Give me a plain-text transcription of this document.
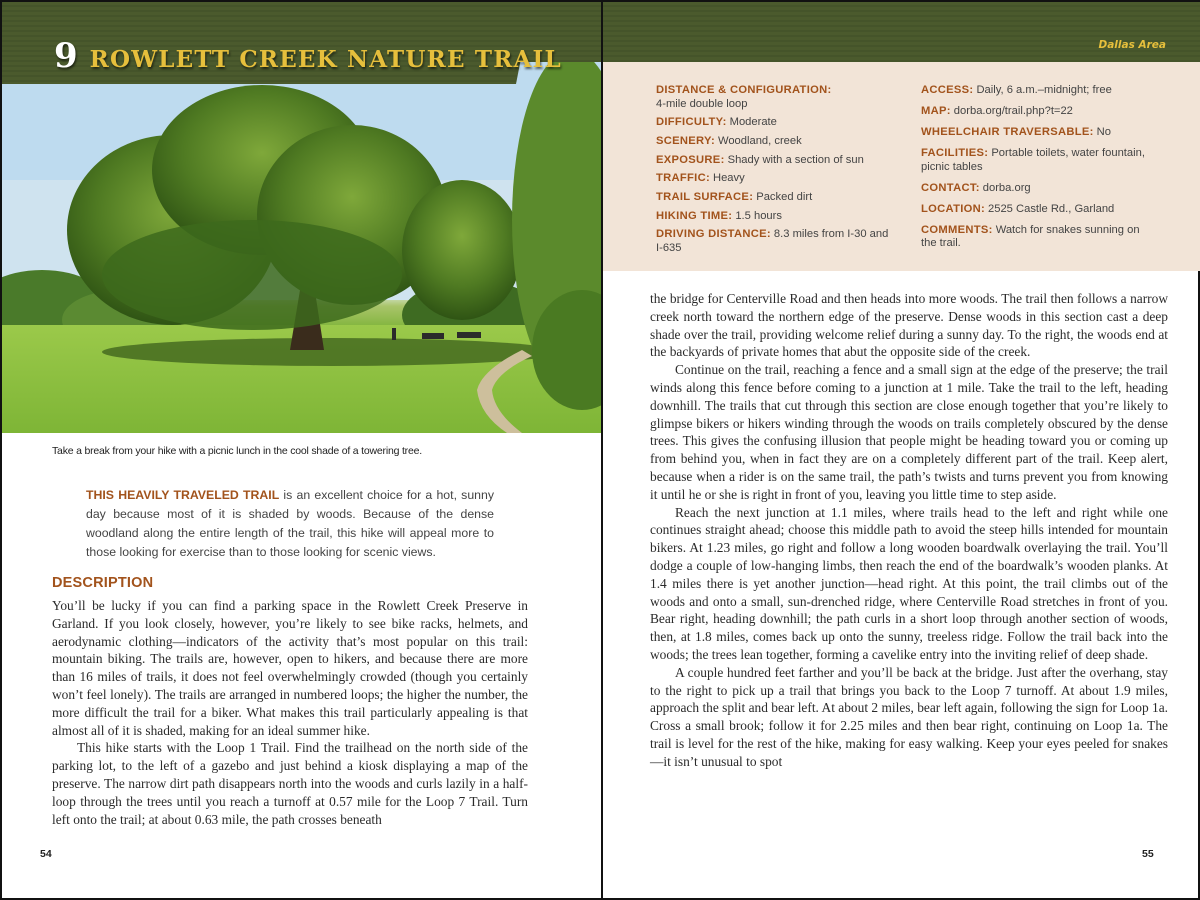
9 ROWLETT CREEK NATURE TRAIL
Take a break from your hike with a picnic lunch in the cool shade of a towering tree.
THIS HEAVILY TRAVELED TRAIL is an excellent choice for a hot, sunny day because most of it is shaded by woods. Because of the dense woodland along the entire length of the trail, this hike will appeal more to those looking for exercise than to those looking for scenic views.
DESCRIPTION

You’ll be lucky if you can find a parking space in the Rowlett Creek Preserve in Garland. If you look closely, however, you’re likely to see bike racks, helmets, and aerodynamic clothing—indicators of the activity that’s most popular on this trail: mountain biking. The trails are, however, open to hikers, and because there are more than 16 miles of trails, it does not feel overwhelmingly crowded (though you certainly won’t feel lonely). The trails are arranged in numbered loops; the higher the number, the more difficult the trail for a biker. What makes this trail particularly appealing is that almost all of it is shaded, making for an ideal summer hike.

This hike starts with the Loop 1 Trail. Find the trailhead on the north side of the parking lot, to the left of a gazebo and just behind a kiosk displaying a map of the preserve. The narrow dirt path disappears north into the woods and curls lazily in a half-loop through the trees until you reach a turnoff at 0.57 mile for the Loop 7 Trail. Turn left onto the trail; at about 0.63 mile, the path crosses beneath

54
Dallas Area
DISTANCE & CONFIGURATION:
4-mile double loop
DIFFICULTY: Moderate
SCENERY: Woodland, creek
EXPOSURE: Shady with a section of sun
TRAFFIC: Heavy
TRAIL SURFACE: Packed dirt
HIKING TIME: 1.5 hours
DRIVING DISTANCE: 8.3 miles from I-30 and I-635
ACCESS: Daily, 6 a.m.–midnight; free
MAP: dorba.org/trail.php?t=22
WHEELCHAIR TRAVERSABLE: No
FACILITIES: Portable toilets, water fountain, picnic tables
CONTACT: dorba.org
LOCATION: 2525 Castle Rd., Garland
COMMENTS: Watch for snakes sunning on the trail.

the bridge for Centerville Road and then heads into more woods. The trail then follows a narrow creek north toward the northern edge of the preserve. Dense woods in this section cast a deep shade over the trail, providing welcome relief during a sunny day. To the right, the woods end at the backyards of private homes that abut the opposite side of the creek.

Continue on the trail, reaching a fence and a small sign at the edge of the preserve; the trail winds along this fence before coming to a junction at 1 mile. Take the trail to the left, heading downhill. The trails that cut through this section are close enough together that you’re likely to glimpse bikers or hikers winding through the woods on trails completely obscured by the dense trees. This gives the confusing illusion that people might be heading toward you or coming up from behind you, when in fact they are on a completely different part of the trail. Keep alert, because when a rider is on the same trail, the path’s twists and turns prevent you from knowing it until he or she is right in front of you, leaving you little time to step aside.

Reach the next junction at 1.1 miles, where trails head to the left and right while one continues straight ahead; choose this middle path to avoid the steep hills intended for mountain bikers. At 1.23 miles, go right and follow a long wooden boardwalk overlaying the trail. You’ll dodge a couple of low-hanging limbs, then reach the end of the boardwalk’s wooden planks. At 1.4 miles there is yet another junction—head right. At this point, the trail climbs out of the woods and onto a small, sun-drenched ridge, where Centerville Road stretches in front of you. Bear right, heading downhill; the path curls in a short loop through another section of woods, then, at 1.8 miles, comes back up onto the sunny, treeless ridge. Follow the trail back into the woods; the trees lean together, forming a cavelike entry into the inviting relief of deep shade.

A couple hundred feet farther and you’ll be back at the bridge. Just after the overhang, stay to the right to pick up a trail that brings you back to the Loop 7 turnoff. At about 1.9 miles, approach the split and bear left. At about 2 miles, bear left again, following the sign for Loop 1a. Cross a small brook; follow it for 2.25 miles and then bear right, continuing on Loop 1a. The trail is level for the rest of the hike, making for easy walking. Keep your eyes peeled for snakes—it isn’t unusual to spot

55
